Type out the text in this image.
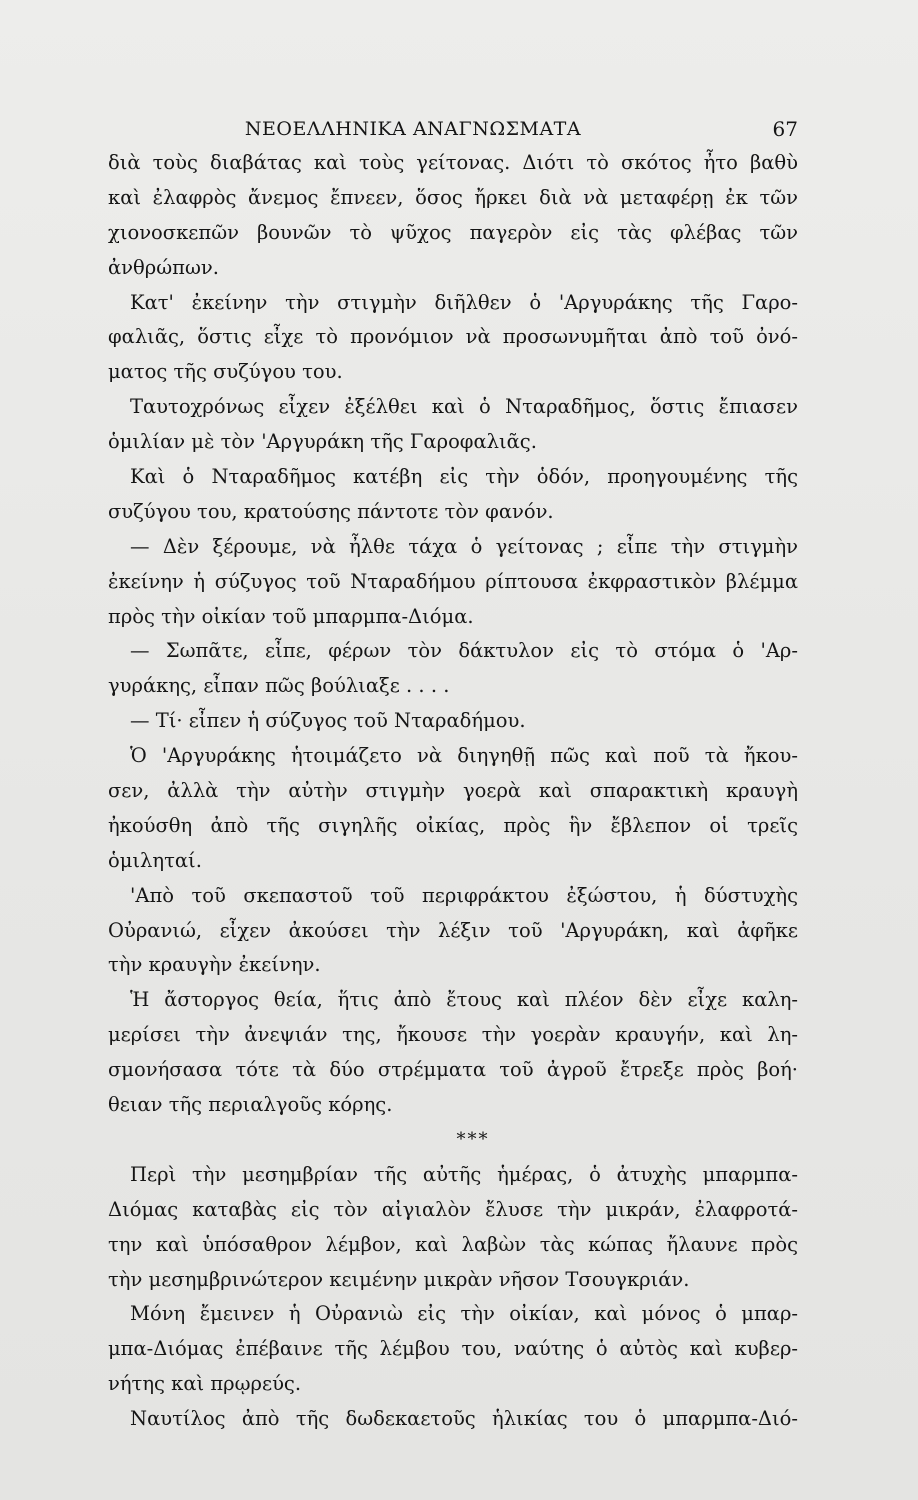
ΝΕΟΕΛΛΗΝΙΚΑ ΑΝΑΓΝΩΣΜΑΤΑ	67
διὰ τοὺς διαβάτας καὶ τοὺς γείτονας. Διότι τὸ σκότος ἦτο βαθὺ
καὶ ἐλαφρὸς ἄνεμος ἔπνεεν, ὅσος ἤρκει διὰ νὰ μεταφέρῃ ἐκ τῶν
χιονοσκεπῶν βουνῶν τὸ ψῦχος παγερὸν εἰς τὰς φλέβας τῶν
ἀνθρώπων.
Κατ' ἐκείνην τὴν στιγμὴν διῆλθεν ὁ 'Αργυράκης τῆς Γαρο-
φαλιᾶς, ὅστις εἶχε τὸ προνόμιον νὰ προσωνυμῆται ἀπὸ τοῦ ὀνό-
ματος τῆς συζύγου του.
Ταυτοχρόνως εἶχεν ἐξέλθει καὶ ὁ Νταραδῆμος, ὅστις ἔπιασεν
ὁμιλίαν μὲ τὸν 'Αργυράκη τῆς Γαροφαλιᾶς.
Καὶ ὁ Νταραδῆμος κατέβη εἰς τὴν ὁδόν, προηγουμένης τῆς
συζύγου του, κρατούσης πάντοτε τὸν φανόν.
— Δὲν ξέρουμε, νὰ ἦλθε τάχα ὁ γείτονας ; εἶπε τὴν στιγμὴν
ἐκείνην ἡ σύζυγος τοῦ Νταραδήμου ρίπτουσα ἐκφραστικὸν βλέμμα
πρὸς τὴν οἰκίαν τοῦ μπαρμπα-Διόμα.
— Σωπᾶτε, εἶπε, φέρων τὸν δάκτυλον εἰς τὸ στόμα ὁ 'Αρ-
γυράκης, εἶπαν πῶς βούλιαξε . . . .
— Τί· εἶπεν ἡ σύζυγος τοῦ Νταραδήμου.
Ὁ 'Αργυράκης ἡτοιμάζετο νὰ διηγηθῇ πῶς καὶ ποῦ τὰ ἤκου-
σεν, ἀλλὰ τὴν αὐτὴν στιγμὴν γοερὰ καὶ σπαρακτικὴ κραυγὴ
ἠκούσθη ἀπὸ τῆς σιγηλῆς οἰκίας, πρὸς ἣν ἔβλεπον οἱ τρεῖς
ὁμιληταί.
'Απὸ τοῦ σκεπαστοῦ τοῦ περιφράκτου ἐξώστου, ἡ δύστυχὴς
Οὐρανιώ, εἶχεν ἀκούσει τὴν λέξιν τοῦ 'Αργυράκη, καὶ ἀφῆκε
τὴν κραυγὴν ἐκείνην.
Ἡ ἄστοργος θεία, ἥτις ἀπὸ ἔτους καὶ πλέον δὲν εἶχε καλη-
μερίσει τὴν ἀνεψιάν της, ἤκουσε τὴν γοερὰν κραυγήν, καὶ λη-
σμονήσασα τότε τὰ δύο στρέμματα τοῦ ἀγροῦ ἔτρεξε πρὸς βοή·
θειαν τῆς περιαλγοῦς κόρης.
***
Περὶ τὴν μεσημβρίαν τῆς αὐτῆς ἡμέρας, ὁ ἀτυχὴς μπαρμπα-
Διόμας καταβὰς εἰς τὸν αἰγιαλὸν ἔλυσε τὴν μικράν, ἐλαφροτά-
την καὶ ὑπόσαθρον λέμβον, καὶ λαβὼν τὰς κώπας ἤλαυνε πρὸς
τὴν μεσημβρινώτερον κειμένην μικρὰν νῆσον Τσουγκριάν.
Μόνη ἔμεινεν ἡ Οὐρανιὼ εἰς τὴν οἰκίαν, καὶ μόνος ὁ μπαρ-
μπα-Διόμας ἐπέβαινε τῆς λέμβου του, ναύτης ὁ αὐτὸς καὶ κυβερ-
νήτης καὶ πρῳρεύς.
Ναυτίλος ἀπὸ τῆς δωδεκαετοῦς ἡλικίας του ὁ μπαρμπα-Διό-
